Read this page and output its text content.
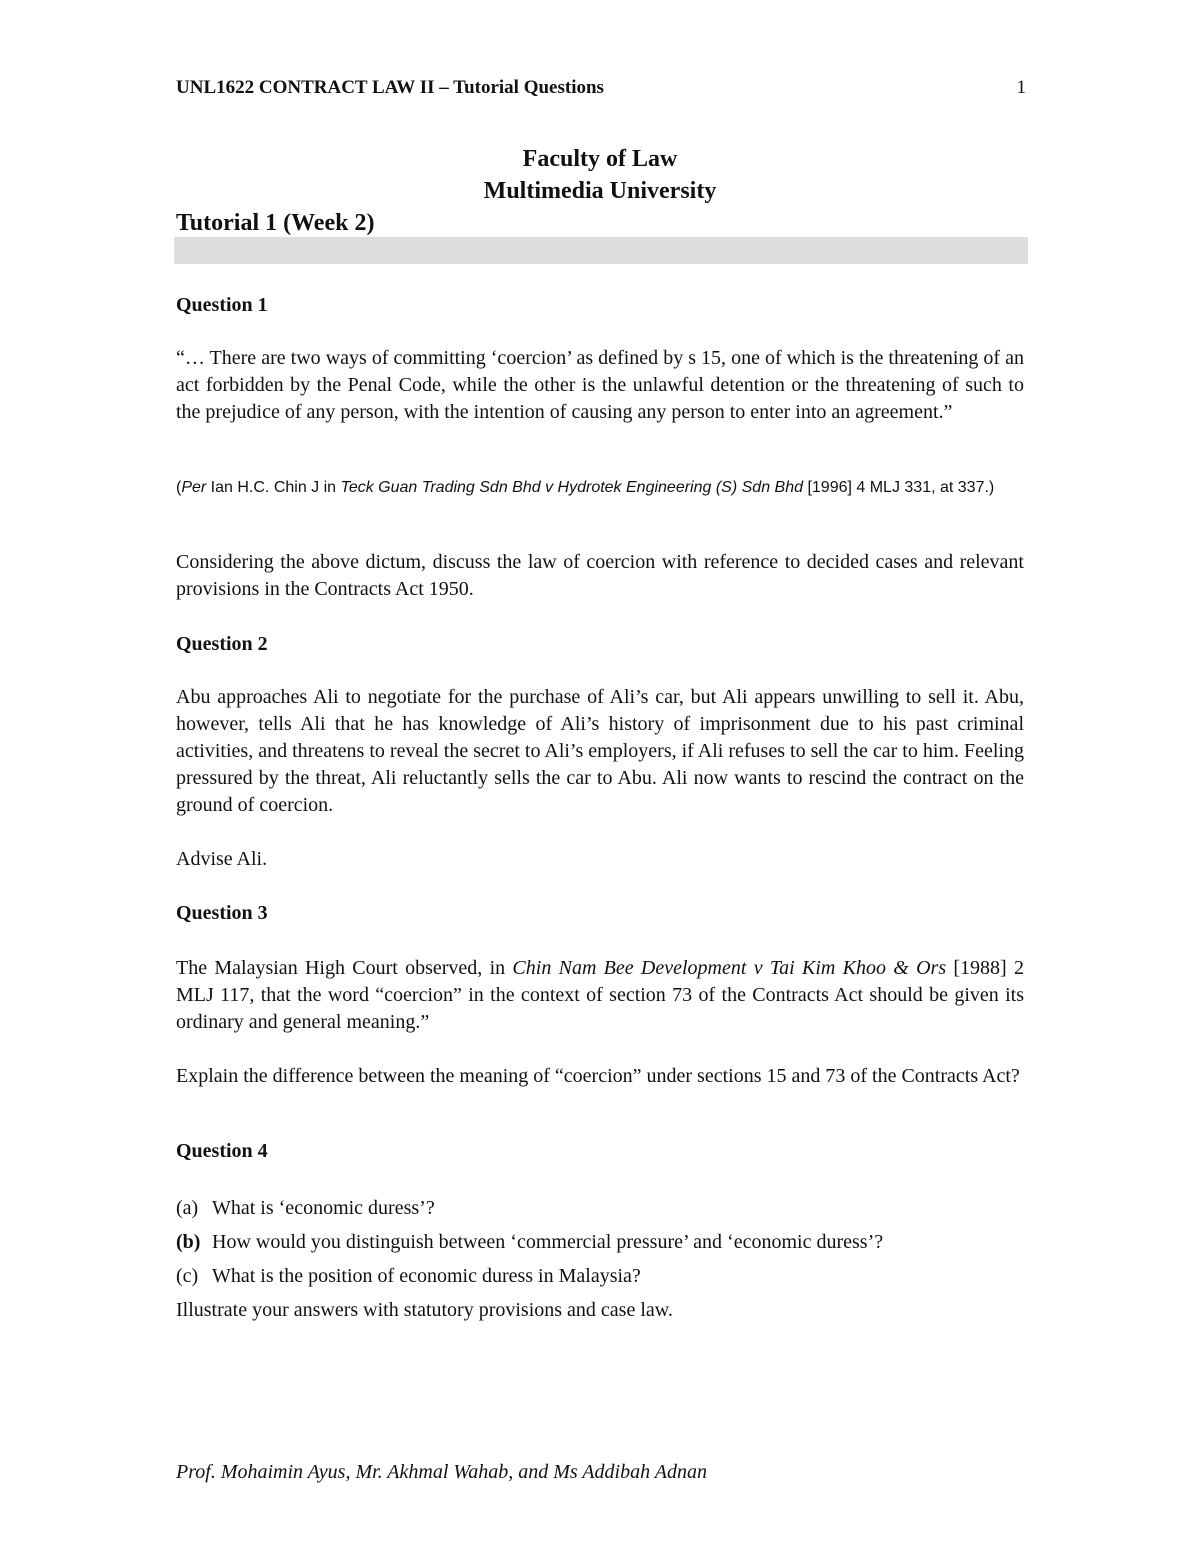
UNL1622 CONTRACT LAW II – Tutorial Questions	1
Faculty of Law
Multimedia University
Tutorial 1 (Week 2)
Question 1
“… There are two ways of committing ‘coercion’ as defined by s 15, one of which is the threatening of an act forbidden by the Penal Code, while the other is the unlawful detention or the threatening of such to the prejudice of any person, with the intention of causing any person to enter into an agreement.”
(Per Ian H.C. Chin J in Teck Guan Trading Sdn Bhd v Hydrotek Engineering (S) Sdn Bhd [1996] 4 MLJ 331, at 337.)
Considering the above dictum, discuss the law of coercion with reference to decided cases and relevant provisions in the Contracts Act 1950.
Question 2
Abu approaches Ali to negotiate for the purchase of Ali’s car, but Ali appears unwilling to sell it. Abu, however, tells Ali that he has knowledge of Ali’s history of imprisonment due to his past criminal activities, and threatens to reveal the secret to Ali’s employers, if Ali refuses to sell the car to him. Feeling pressured by the threat, Ali reluctantly sells the car to Abu. Ali now wants to rescind the contract on the ground of coercion.
Advise Ali.
Question 3
The Malaysian High Court observed, in Chin Nam Bee Development v Tai Kim Khoo & Ors [1988] 2 MLJ 117, that the word “coercion” in the context of section 73 of the Contracts Act should be given its ordinary and general meaning.”
Explain the difference between the meaning of “coercion” under sections 15 and 73 of the Contracts Act?
Question 4
(a) What is ‘economic duress’?
(b) How would you distinguish between ‘commercial pressure’ and ‘economic duress’?
(c) What is the position of economic duress in Malaysia?
Illustrate your answers with statutory provisions and case law.
Prof. Mohaimin Ayus, Mr. Akhmal Wahab, and Ms Addibah Adnan
